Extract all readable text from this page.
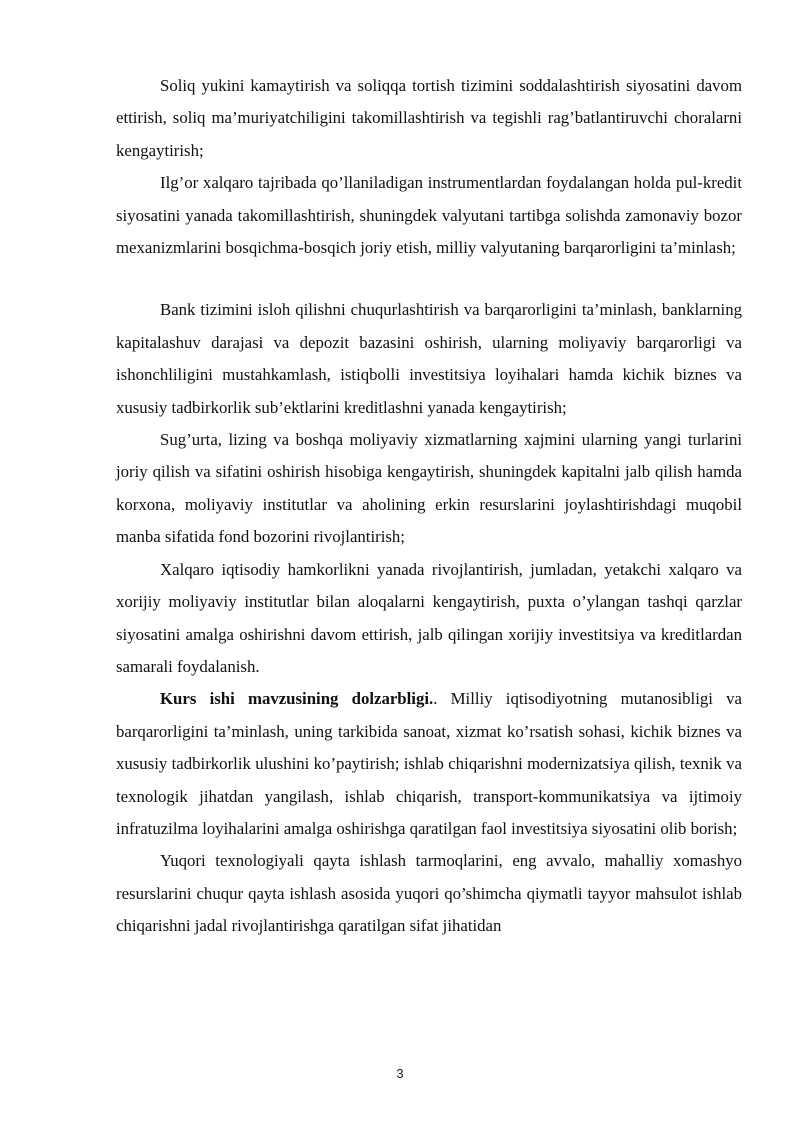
Soliq yukini kamaytirish va soliqqa tortish tizimini soddalashtirish siyosatini davom ettirish, soliq ma’muriyatchiligini takomillashtirish va tegishli rag’batlantiruvchi choralarni kengaytirish;

Ilg’or xalqaro tajribada qo’llaniladigan instrumentlardan foydalangan holda pul-kredit siyosatini yanada takomillashtirish, shuningdek valyutani tartibga solishda zamonaviy bozor mexanizmlarini bosqichma-bosqich joriy etish, milliy valyutaning barqarorligini ta’minlash;

Bank tizimini isloh qilishni chuqurlashtirish va barqarorligini ta’minlash, banklarning kapitalashuv darajasi va depozit bazasini oshirish, ularning moliyaviy barqarorligi va ishonchliligini mustahkamlash, istiqbolli investitsiya loyihalari hamda kichik biznes va xususiy tadbirkorlik sub’ektlarini kreditlashni yanada kengaytirish;

Sug’urta, lizing va boshqa moliyaviy xizmatlarning xajmini ularning yangi turlarini joriy qilish va sifatini oshirish hisobiga kengaytirish, shuningdek kapitalni jalb qilish hamda korxona, moliyaviy institutlar va aholining erkin resurslarini joylashtirishdagi muqobil manba sifatida fond bozorini rivojlantirish;

Xalqaro iqtisodiy hamkorlikni yanada rivojlantirish, jumladan, yetakchi xalqaro va xorijiy moliyaviy institutlar bilan aloqalarni kengaytirish, puxta o’ylangan tashqi qarzlar siyosatini amalga oshirishni davom ettirish, jalb qilingan xorijiy investitsiya va kreditlardan samarali foydalanish.

Kurs ishi mavzusining dolzarbligi.. Milliy iqtisodiyotning mutanosibligi va barqarorligini ta’minlash, uning tarkibida sanoat, xizmat ko’rsatish sohasi, kichik biznes va xususiy tadbirkorlik ulushini ko’paytirish; ishlab chiqarishni modernizatsiya qilish, texnik va texnologik jihatdan yangilash, ishlab chiqarish, transport-kommunikatsiya va ijtimoiy infratuzilma loyihalarini amalga oshirishga qaratilgan faol investitsiya siyosatini olib borish;

Yuqori texnologiyali qayta ishlash tarmoqlarini, eng avvalo, mahalliy xomashyo resurslarini chuqur qayta ishlash asosida yuqori qo’shimcha qiymatli tayyor mahsulot ishlab chiqarishni jadal rivojlantirishga qaratilgan sifat jihatidan

3
